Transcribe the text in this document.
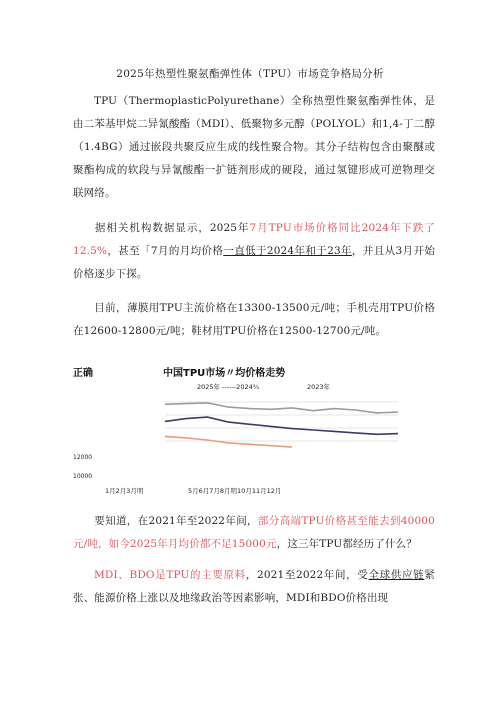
2025年热塑性聚氨酯弹性体（TPU）市场竞争格局分析

TPU（ThermoplasticPolyurethane）全称热塑性聚氨酯弹性体，是由二苯基甲烷二异氰酸酯（MDI）、低聚物多元醇（POLYOL）和1,4-丁二醇（1.4BG）通过嵌段共聚反应生成的线性聚合物。其分子结构包含由聚醚或聚酯构成的软段与异氰酸酯一扩链剂形成的硬段，通过氢键形成可逆物理交联网络。

据相关机构数据显示，2025年7月TPU市场价格同比2024年下跌了12.5%，甚至「7月的月均价格一直低于2024年和于23年，并且从3月开始价格逐步下探。

目前，薄膜用TPU主流价格在13300-13500元/吨；手机壳用TPU价格在12600-12800元/吨；鞋材用TPU价格在12500-12700元/吨。

正确	中国TPU市场〃均价格走势
2025年 ------2024¾	2023年
12000
10000
1月2月3月明	5月6月7月8月明10月11月12月

要知道，在2021年至2022年间，部分高端TPU价格甚至能去到40000元/吨，如今2025年月均价都不足15000元，这三年TPU都经历了什么？

MDI、BDO是TPU的主要原料，2021至2022年间，受全球供应链紧张、能源价格上涨以及地缘政治等因素影响，MDI和BDO价格出现
